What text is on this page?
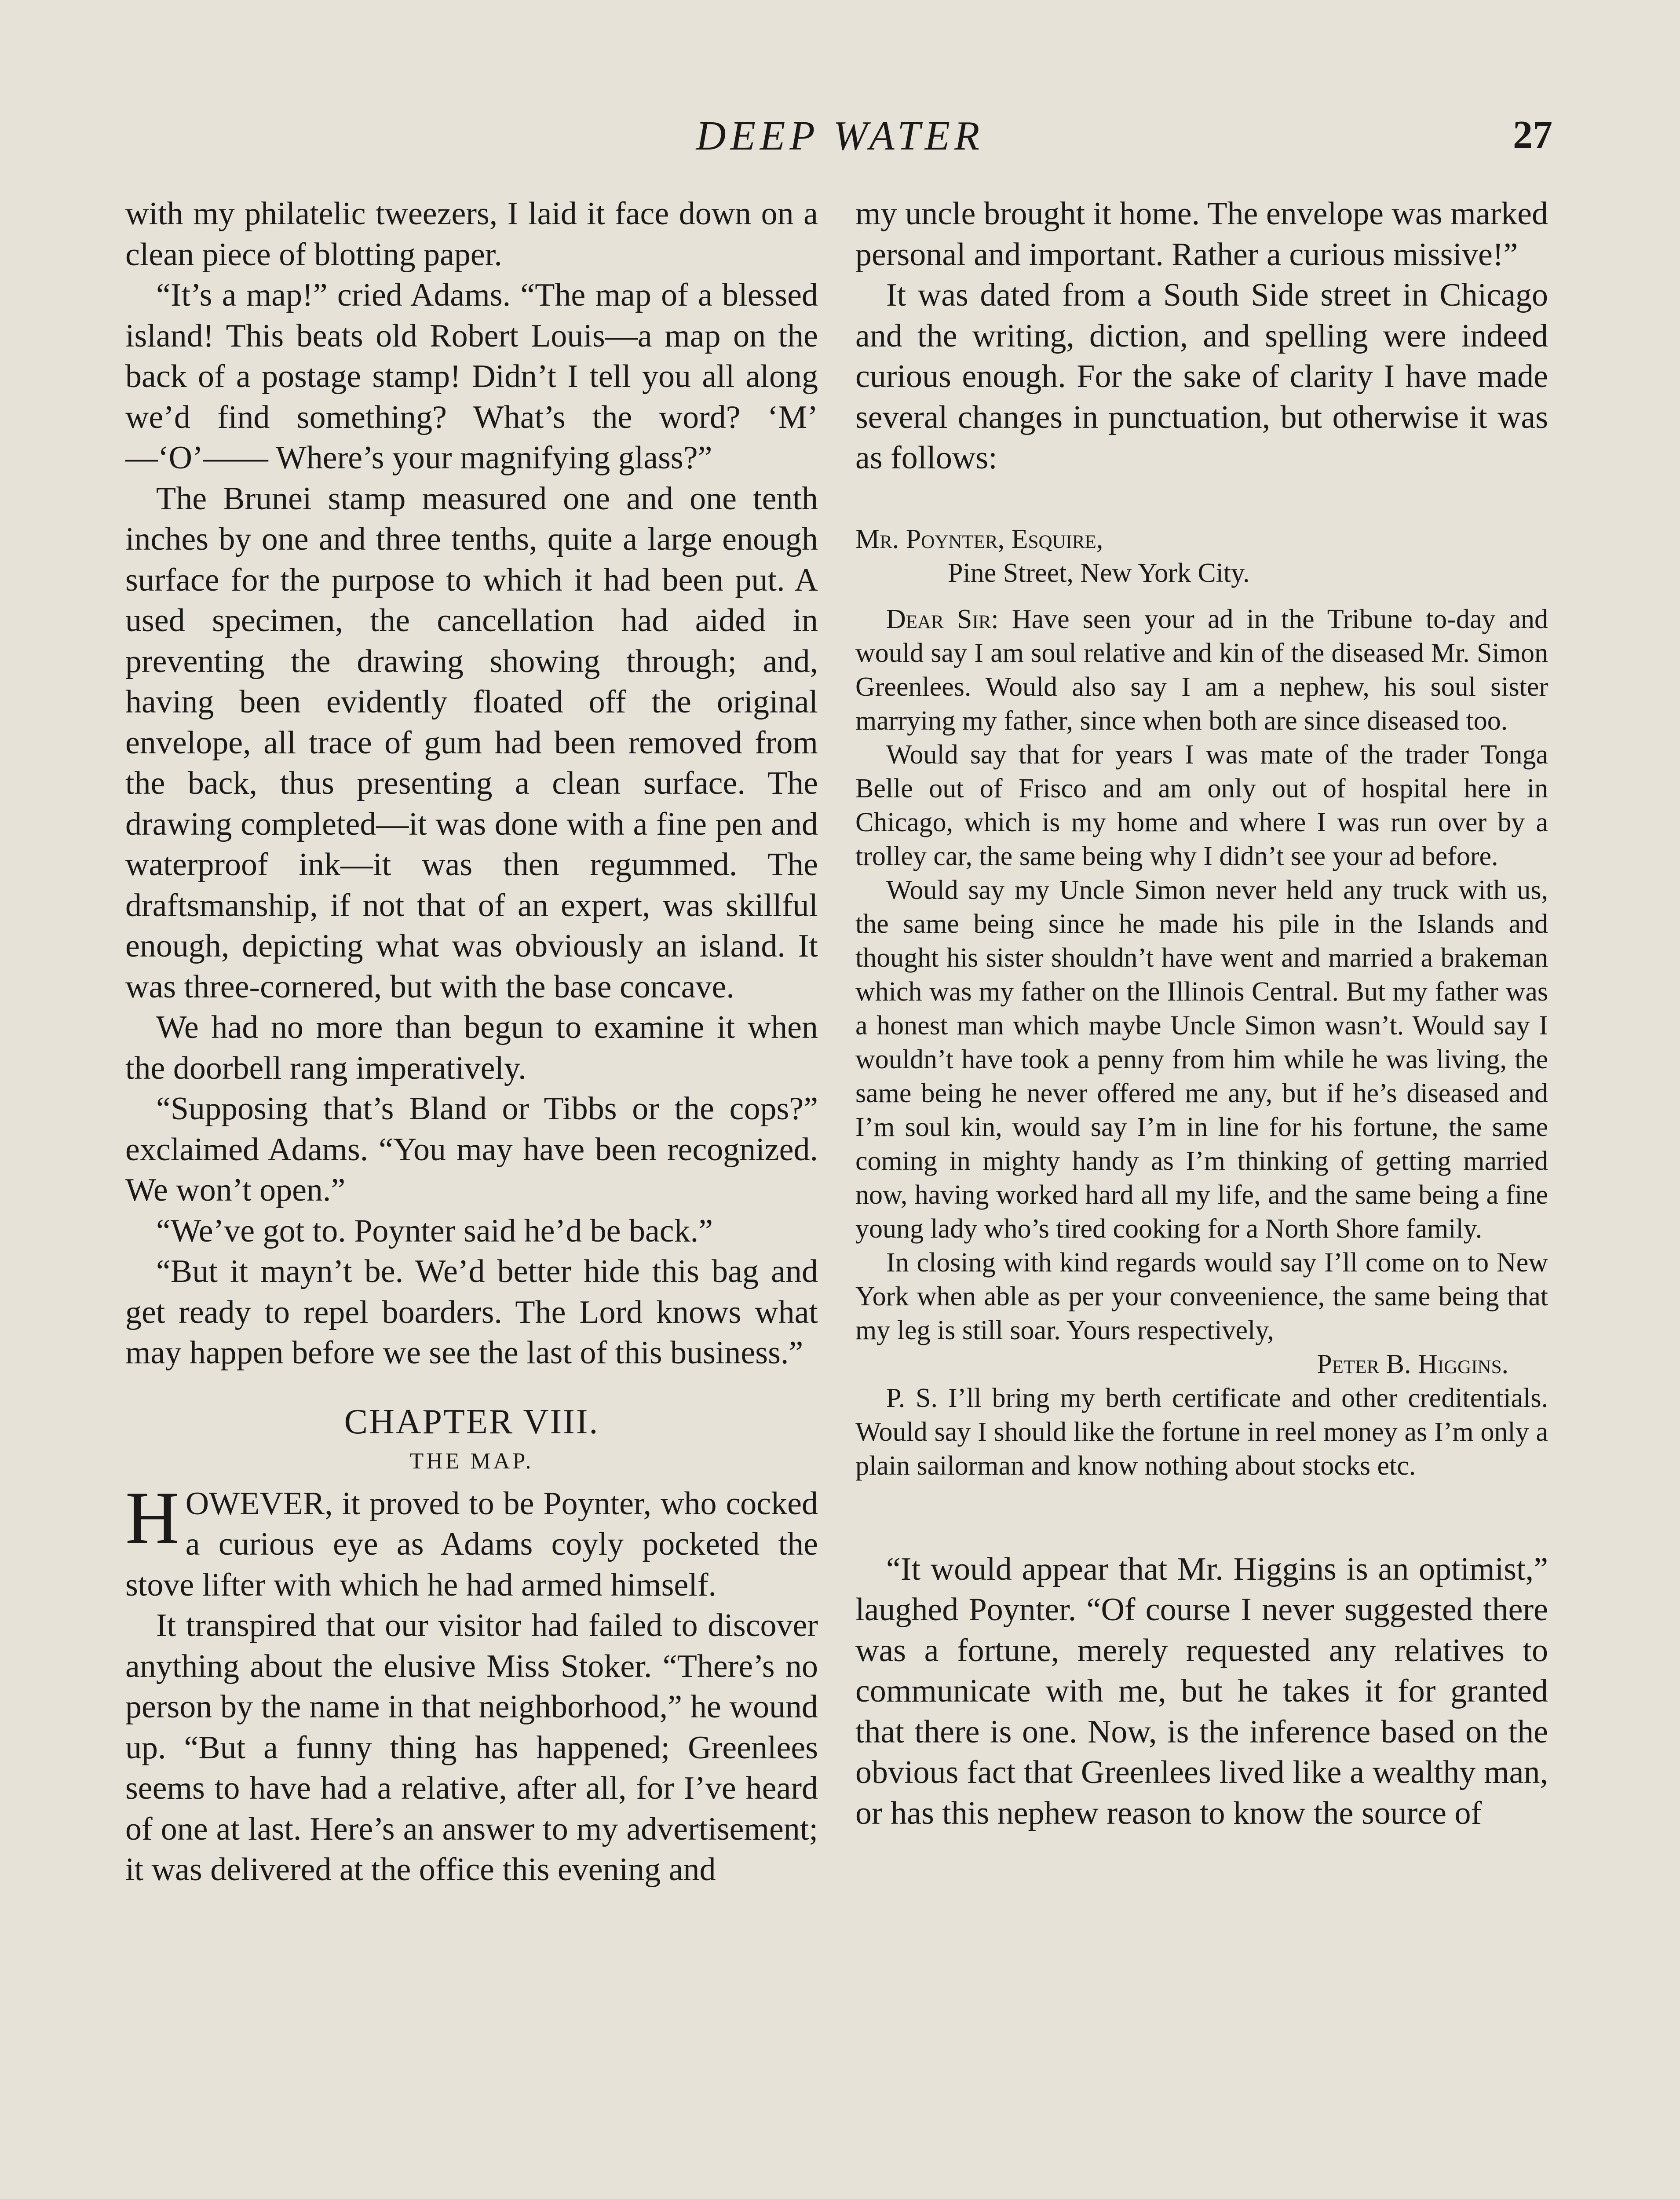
DEEP WATER	27

with my philatelic tweezers, I laid it face down on a clean piece of blotting paper.

“It’s a map!” cried Adams. “The map of a blessed island! This beats old Robert Louis—a map on the back of a postage stamp! Didn’t I tell you all along we’d find something? What’s the word? ‘M’ —‘O’—— Where’s your magnifying glass?”

The Brunei stamp measured one and one tenth inches by one and three tenths, quite a large enough surface for the purpose to which it had been put. A used specimen, the cancellation had aided in preventing the drawing showing through; and, having been evidently floated off the original envelope, all trace of gum had been removed from the back, thus presenting a clean surface. The drawing completed—it was done with a fine pen and waterproof ink—it was then regummed. The draftsmanship, if not that of an expert, was skillful enough, depicting what was obviously an island. It was three-cornered, but with the base concave.

We had no more than begun to examine it when the doorbell rang imperatively.

“Supposing that’s Bland or Tibbs or the cops?” exclaimed Adams. “You may have been recognized. We won’t open.”

“We’ve got to. Poynter said he’d be back.”

“But it mayn’t be. We’d better hide this bag and get ready to repel boarders. The Lord knows what may happen before we see the last of this business.”

CHAPTER VIII.
THE MAP.

HOWEVER, it proved to be Poynter, who cocked a curious eye as Adams coyly pocketed the stove lifter with which he had armed himself.

It transpired that our visitor had failed to discover anything about the elusive Miss Stoker. “There’s no person by the name in that neighborhood,” he wound up. “But a funny thing has happened; Greenlees seems to have had a relative, after all, for I’ve heard of one at last. Here’s an answer to my advertisement; it was delivered at the office this evening and

my uncle brought it home. The envelope was marked personal and important. Rather a curious missive!”

It was dated from a South Side street in Chicago and the writing, diction, and spelling were indeed curious enough. For the sake of clarity I have made several changes in punctuation, but otherwise it was as follows:

Mr. Poynter, Esquire,

Pine Street, New York City.

Dear Sir: Have seen your ad in the Tribune to-day and would say I am soul relative and kin of the diseased Mr. Simon Greenlees. Would also say I am a nephew, his soul sister marrying my father, since when both are since diseased too.

Would say that for years I was mate of the trader Tonga Belle out of Frisco and am only out of hospital here in Chicago, which is my home and where I was run over by a trolley car, the same being why I didn’t see your ad before.

Would say my Uncle Simon never held any truck with us, the same being since he made his pile in the Islands and thought his sister shouldn’t have went and married a brakeman which was my father on the Illinois Central. But my father was a honest man which maybe Uncle Simon wasn’t. Would say I wouldn’t have took a penny from him while he was living, the same being he never offered me any, but if he’s diseased and I’m soul kin, would say I’m in line for his fortune, the same coming in mighty handy as I’m thinking of getting married now, having worked hard all my life, and the same being a fine young lady who’s tired cooking for a North Shore family.

In closing with kind regards would say I’ll come on to New York when able as per your conveenience, the same being that my leg is still soar. Yours respectively,

Peter B. Higgins.

P. S. I’ll bring my berth certificate and other creditentials. Would say I should like the fortune in reel money as I’m only a plain sailorman and know nothing about stocks etc.

“It would appear that Mr. Higgins is an optimist,” laughed Poynter. “Of course I never suggested there was a fortune, merely requested any relatives to communicate with me, but he takes it for granted that there is one. Now, is the inference based on the obvious fact that Greenlees lived like a wealthy man, or has this nephew reason to know the source of
